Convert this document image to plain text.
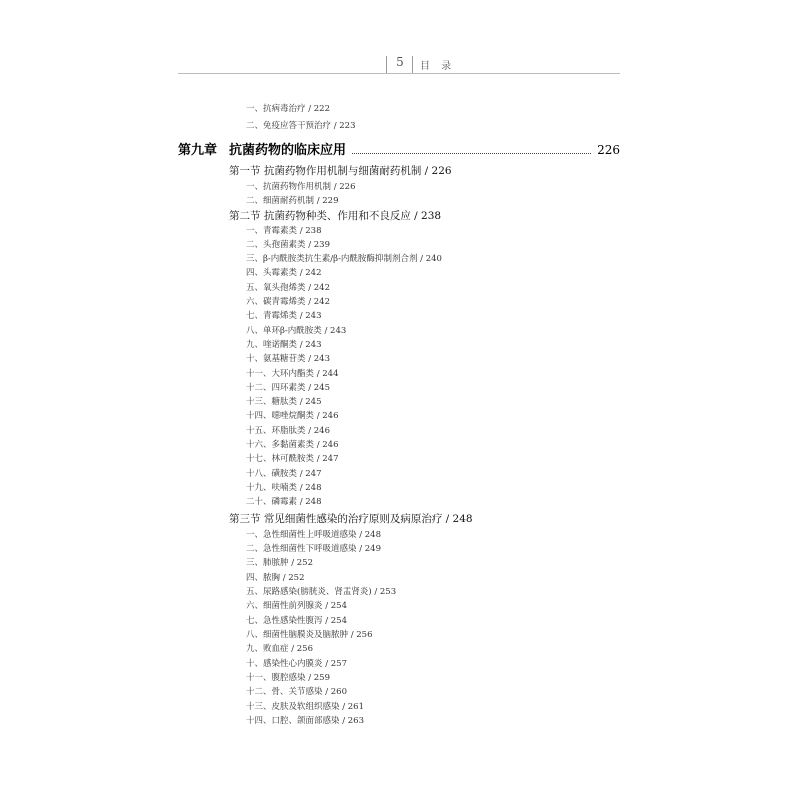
5	目 录
一、抗病毒治疗 / 222
二、免疫应答干预治疗 / 223
第九章 抗菌药物的临床应用	226
第一节 抗菌药物作用机制与细菌耐药机制 / 226
一、抗菌药物作用机制 / 226
二、细菌耐药机制 / 229
第二节 抗菌药物种类、作用和不良反应 / 238
一、青霉素类 / 238
二、头孢菌素类 / 239
三、β-内酰胺类抗生素/β-内酰胺酶抑制剂合剂 / 240
四、头霉素类 / 242
五、氧头孢烯类 / 242
六、碳青霉烯类 / 242
七、青霉烯类 / 243
八、单环β-内酰胺类 / 243
九、喹诺酮类 / 243
十、氨基糖苷类 / 243
十一、大环内酯类 / 244
十二、四环素类 / 245
十三、糖肽类 / 245
十四、噁唑烷酮类 / 246
十五、环脂肽类 / 246
十六、多黏菌素类 / 246
十七、林可酰胺类 / 247
十八、磺胺类 / 247
十九、呋喃类 / 248
二十、磷霉素 / 248
第三节 常见细菌性感染的治疗原则及病原治疗 / 248
一、急性细菌性上呼吸道感染 / 248
二、急性细菌性下呼吸道感染 / 249
三、肺脓肿 / 252
四、脓胸 / 252
五、尿路感染(膀胱炎、肾盂肾炎) / 253
六、细菌性前列腺炎 / 254
七、急性感染性腹泻 / 254
八、细菌性脑膜炎及脑脓肿 / 256
九、败血症 / 256
十、感染性心内膜炎 / 257
十一、腹腔感染 / 259
十二、骨、关节感染 / 260
十三、皮肤及软组织感染 / 261
十四、口腔、颌面部感染 / 263
